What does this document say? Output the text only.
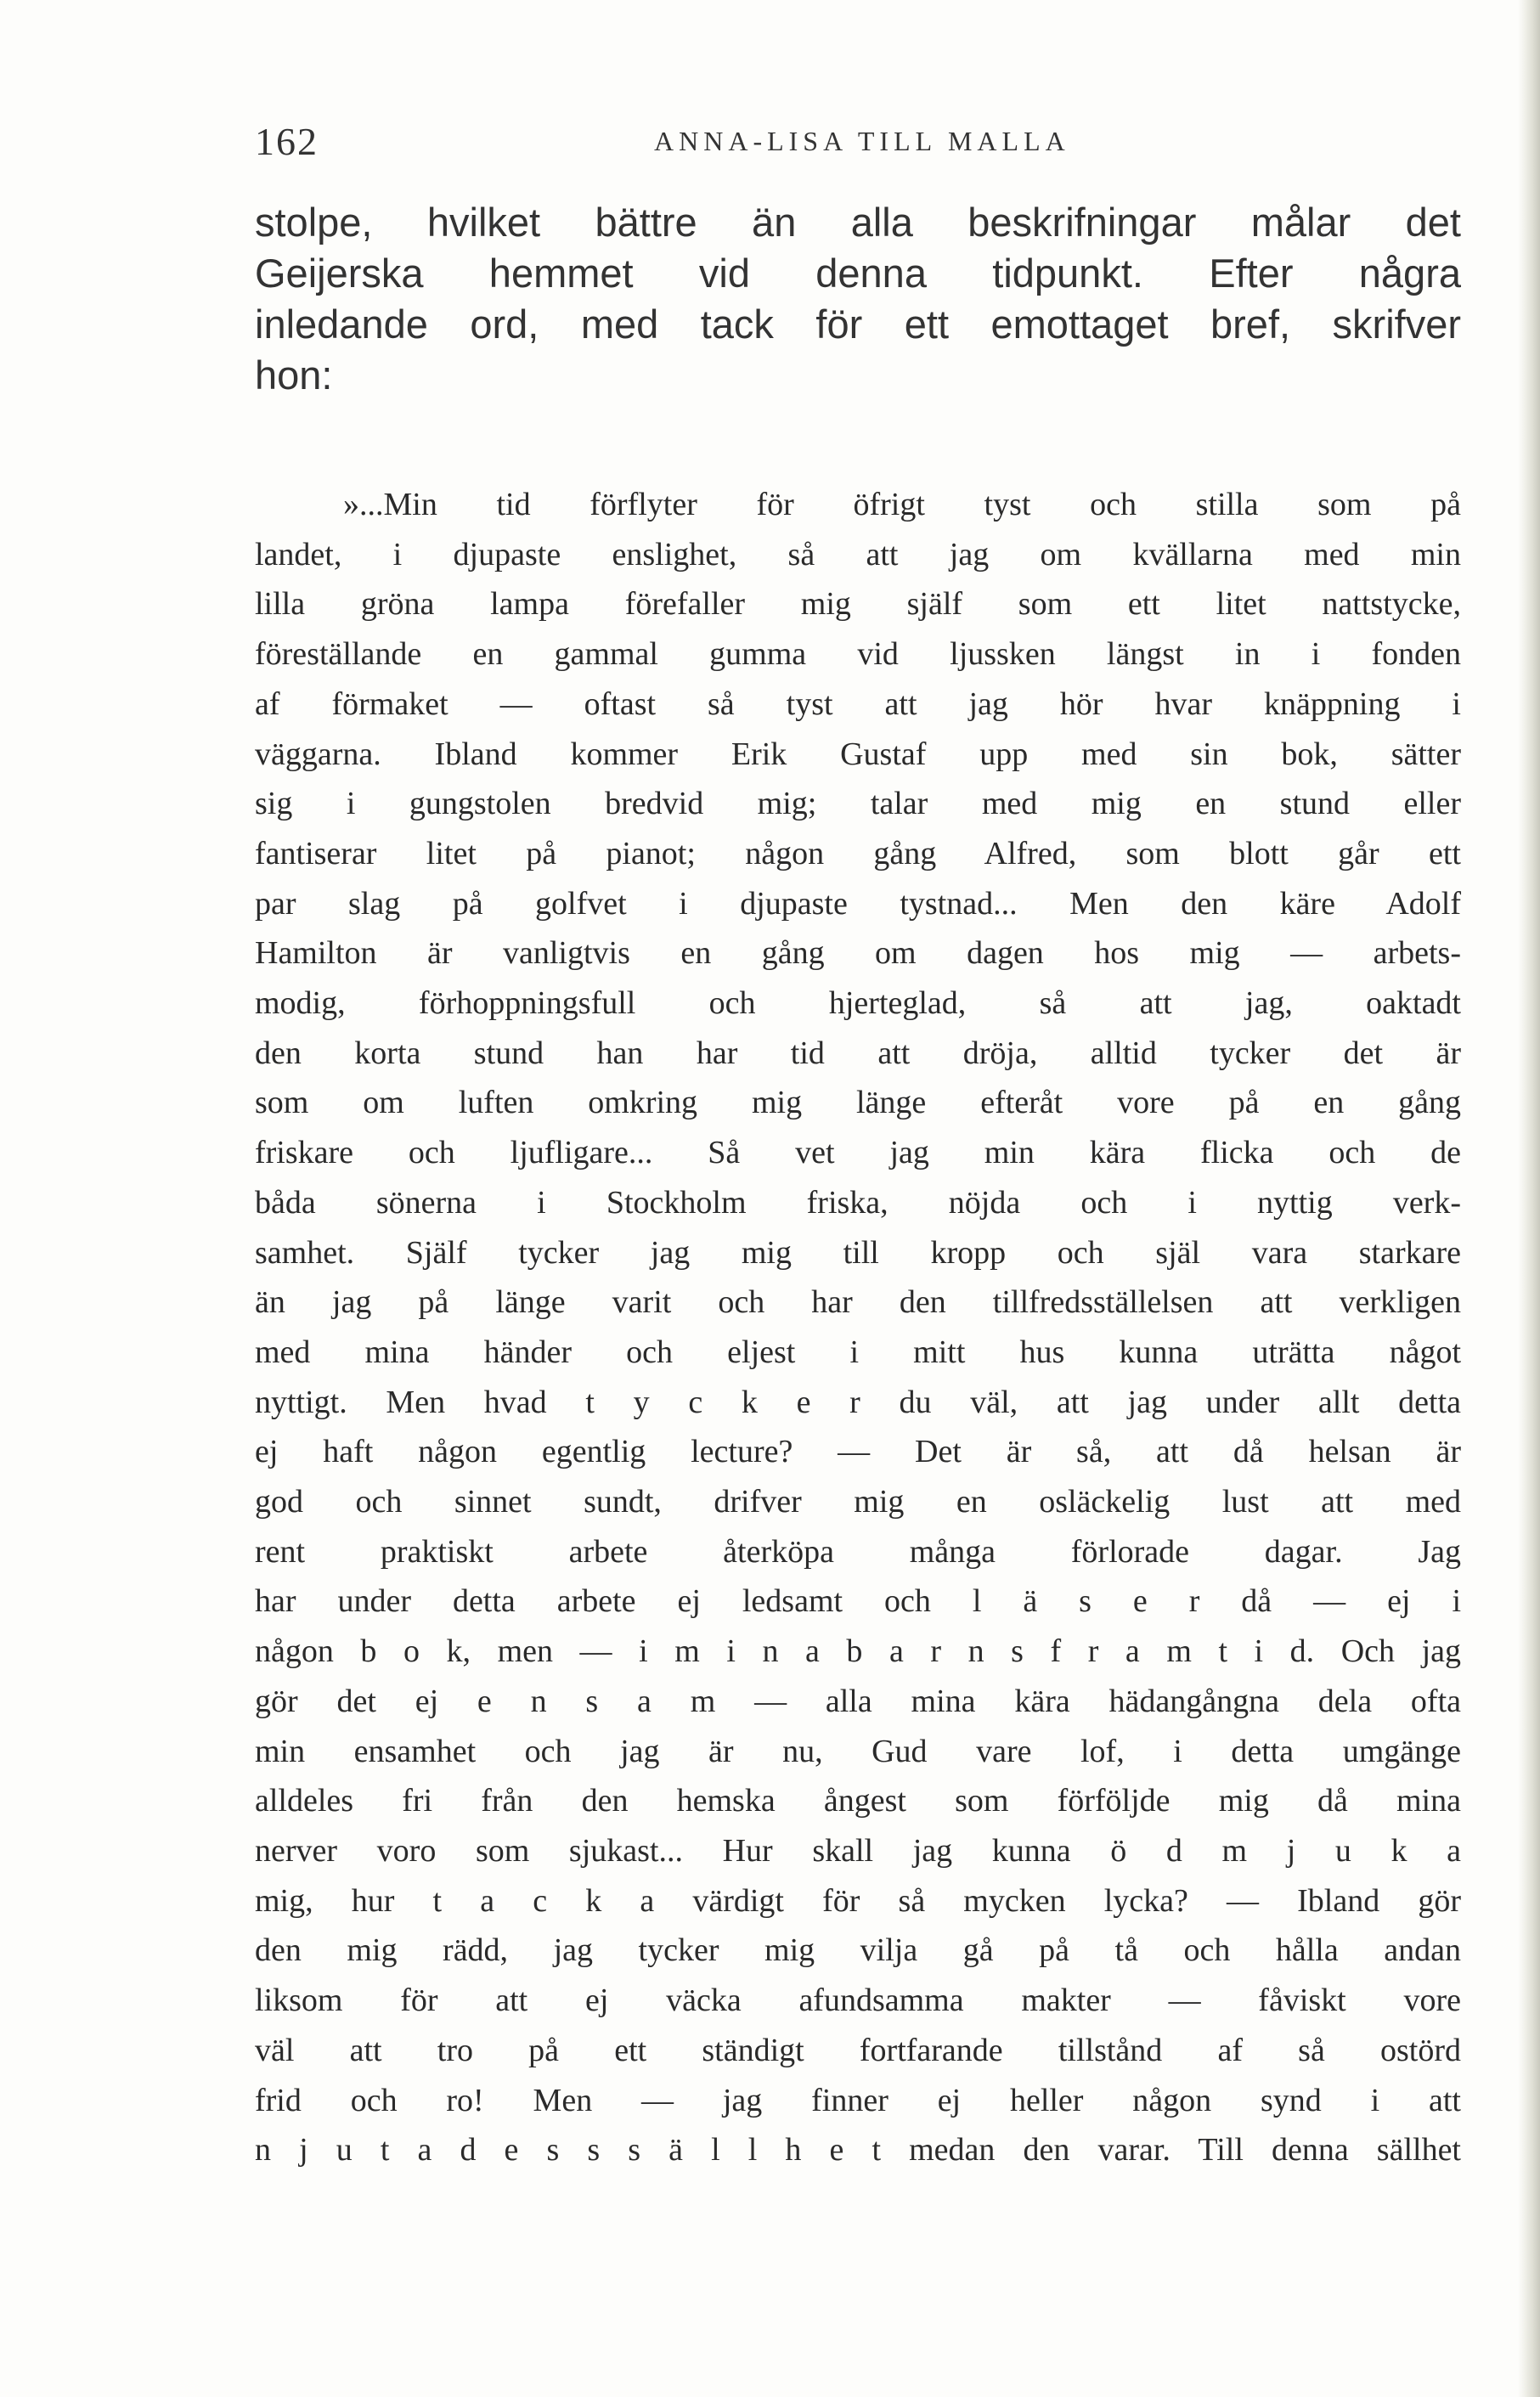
162	ANNA-LISA TILL MALLA
stolpe, hvilket bättre än alla beskrifningar målar det
Geijerska hemmet vid denna tidpunkt. Efter några
inledande ord, med tack för ett emottaget bref, skrifver
hon:
»...Min tid förflyter för öfrigt tyst och stilla som på
landet, i djupaste enslighet, så att jag om kvällarna med min
lilla gröna lampa förefaller mig själf som ett litet nattstycke,
föreställande en gammal gumma vid ljussken längst in i fonden
af förmaket — oftast så tyst att jag hör hvar knäppning i
väggarna. Ibland kommer Erik Gustaf upp med sin bok, sätter
sig i gungstolen bredvid mig; talar med mig en stund eller
fantiserar litet på pianot; någon gång Alfred, som blott går ett
par slag på golfvet i djupaste tystnad... Men den käre Adolf
Hamilton är vanligtvis en gång om dagen hos mig — arbets-
modig, förhoppningsfull och hjerteglad, så att jag, oaktadt
den korta stund han har tid att dröja, alltid tycker det är
som om luften omkring mig länge efteråt vore på en gång
friskare och ljufligare... Så vet jag min kära flicka och de
båda sönerna i Stockholm friska, nöjda och i nyttig verk-
samhet. Själf tycker jag mig till kropp och själ vara starkare
än jag på länge varit och har den tillfredsställelsen att verkligen
med mina händer och eljest i mitt hus kunna uträtta något
nyttigt. Men hvad t y c k e r du väl, att jag under allt detta
ej haft någon egentlig lecture? — Det är så, att då helsan är
god och sinnet sundt, drifver mig en osläckelig lust att med
rent praktiskt arbete återköpa många förlorade dagar. Jag
har under detta arbete ej ledsamt och l ä s e r då — ej i
någon b o k, men — i m i n a b a r n s f r a m t i d. Och jag
gör det ej e n s a m — alla mina kära hädangångna dela ofta
min ensamhet och jag är nu, Gud vare lof, i detta umgänge
alldeles fri från den hemska ångest som förföljde mig då mina
nerver voro som sjukast... Hur skall jag kunna ö d m j u k a
mig, hur t a c k a värdigt för så mycken lycka? — Ibland gör
den mig rädd, jag tycker mig vilja gå på tå och hålla andan
liksom för att ej väcka afundsamma makter — fåviskt vore
väl att tro på ett ständigt fortfarande tillstånd af så ostörd
frid och ro! Men — jag finner ej heller någon synd i att
n j u t a d e s s s ä l l h e t medan den varar. Till denna sällhet
